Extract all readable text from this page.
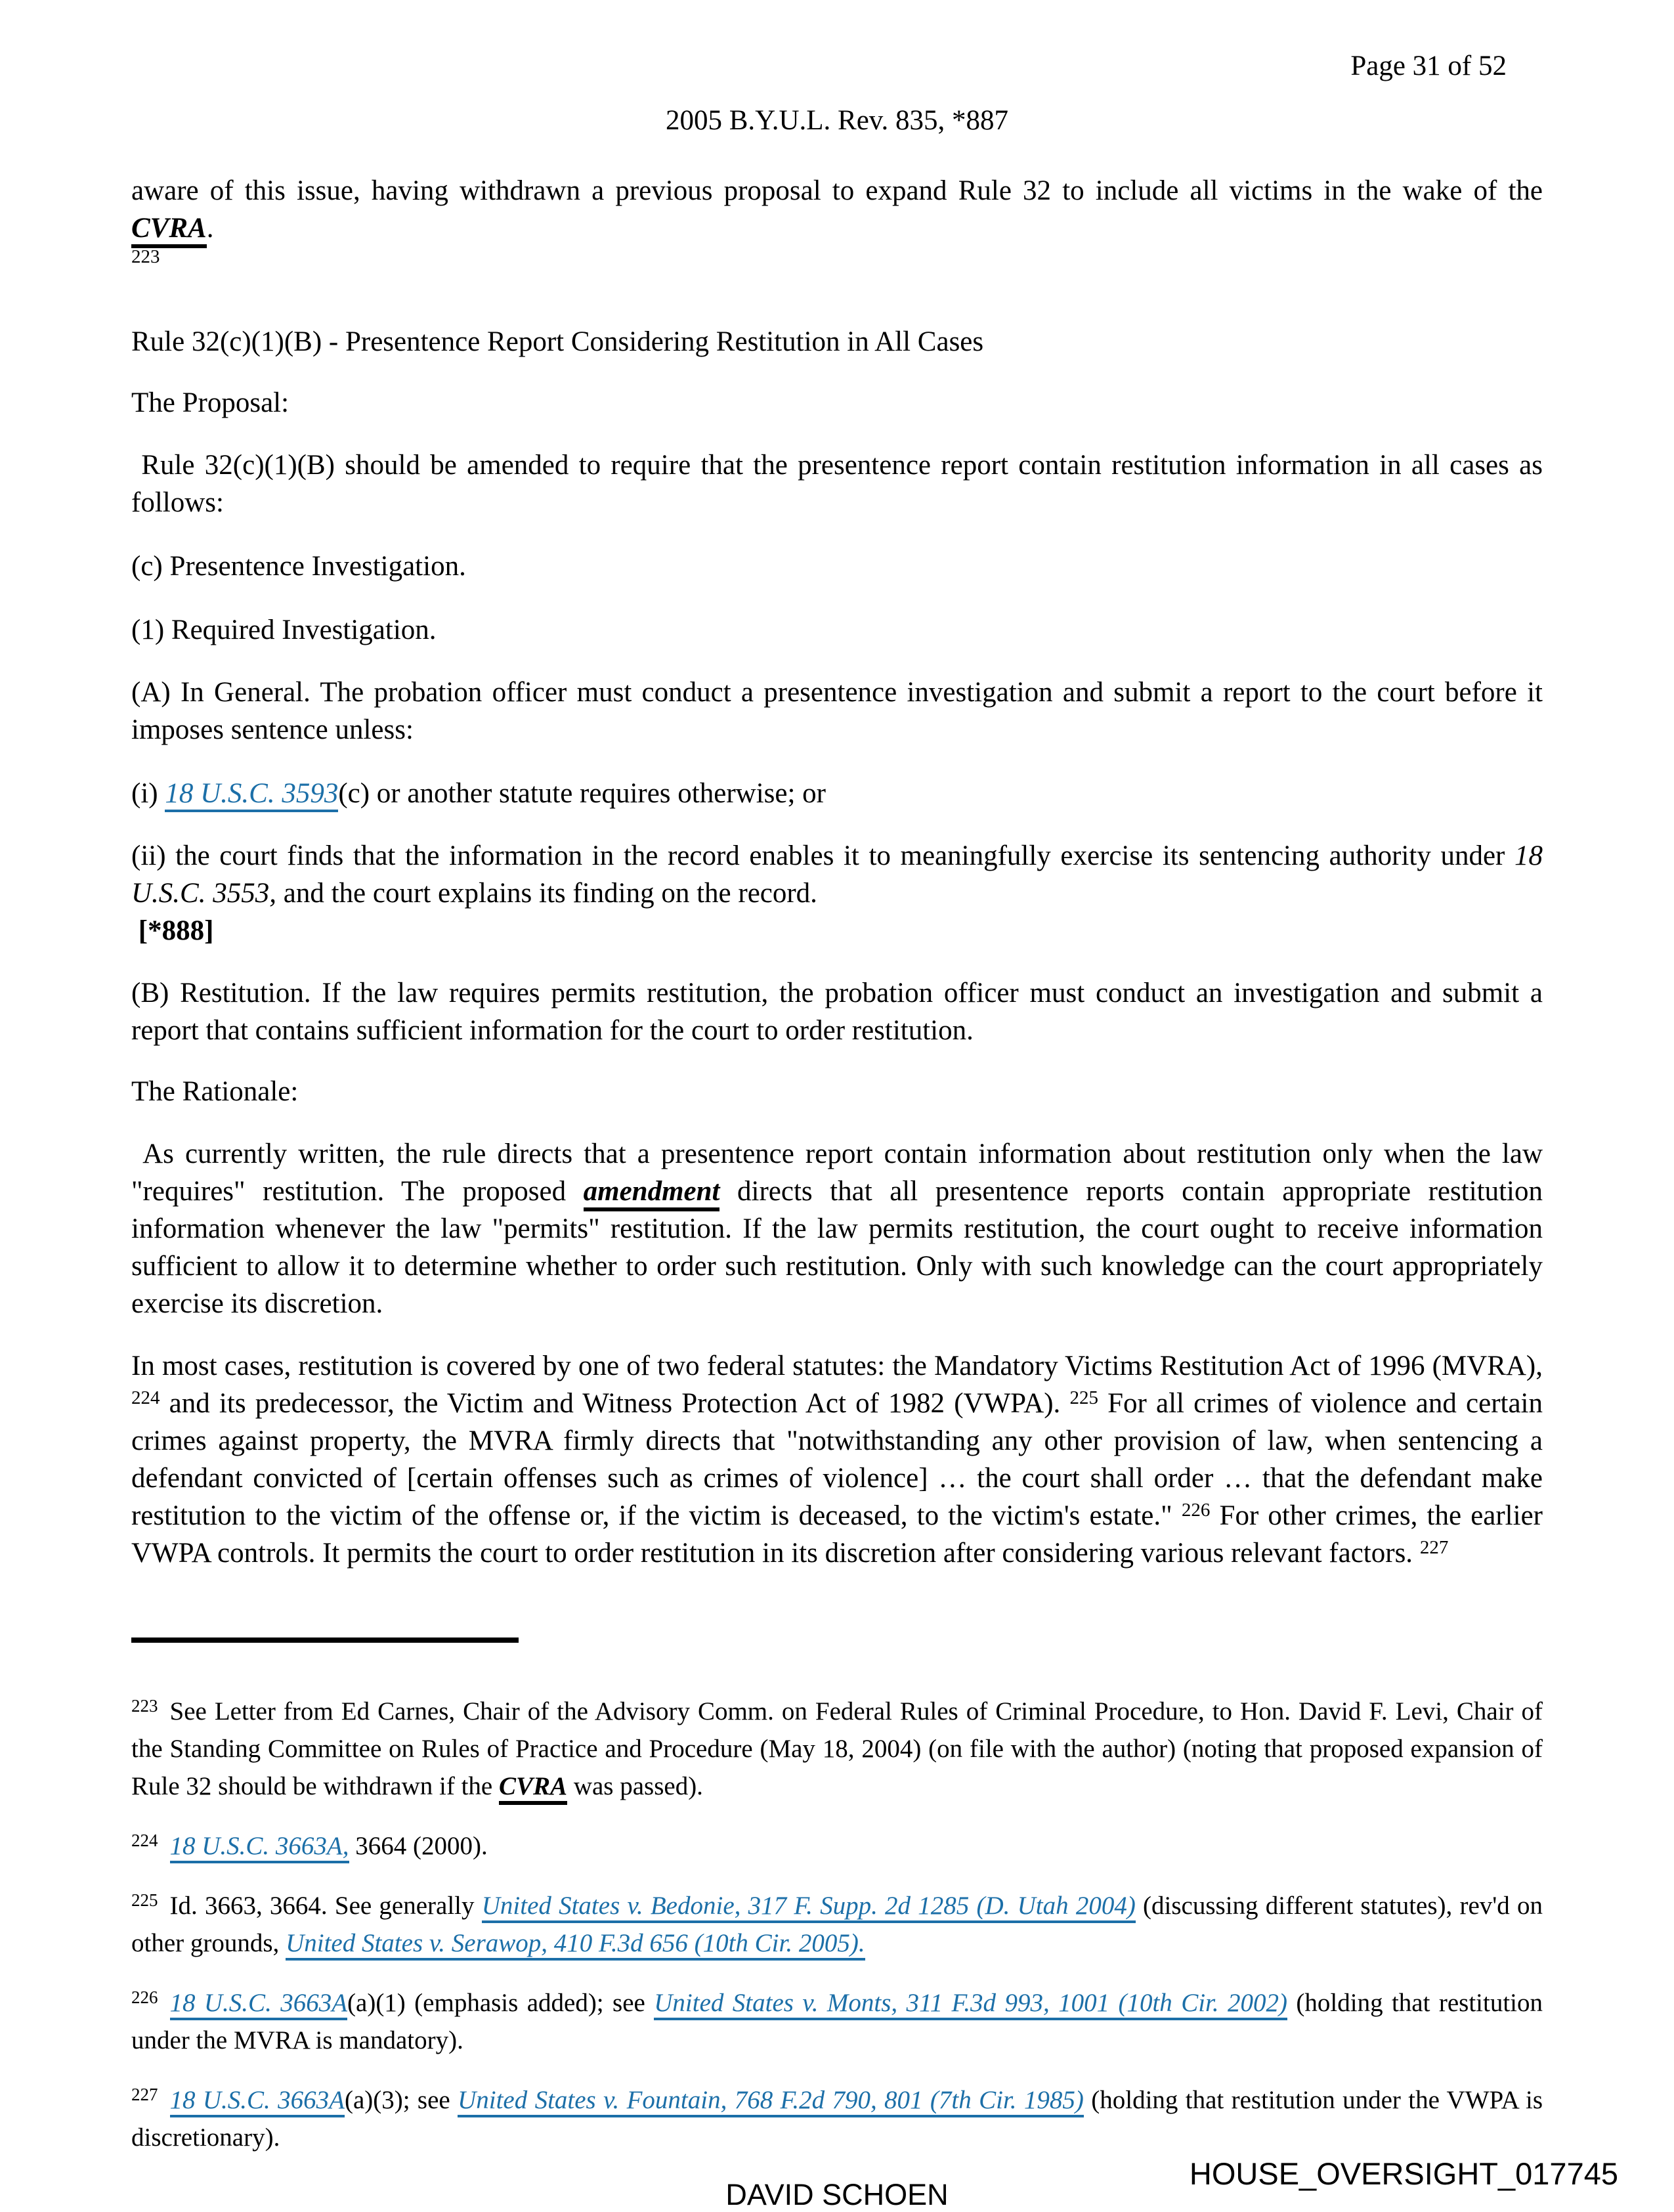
Page 31 of 52
2005 B.Y.U.L. Rev. 835, *887
aware of this issue, having withdrawn a previous proposal to expand Rule 32 to include all victims in the wake of the CVRA.
$^{223}$
Rule 32(c)(1)(B) - Presentence Report Considering Restitution in All Cases
The Proposal:
Rule 32(c)(1)(B) should be amended to require that the presentence report contain restitution information in all cases as follows:
(c) Presentence Investigation.
(1) Required Investigation.
(A) In General. The probation officer must conduct a presentence investigation and submit a report to the court before it imposes sentence unless:
(i) 18 U.S.C. 3593(c) or another statute requires otherwise; or
(ii) the court finds that the information in the record enables it to meaningfully exercise its sentencing authority under 18 U.S.C. 3553, and the court explains its finding on the record.
[*888]
(B) Restitution. If the law requires permits restitution, the probation officer must conduct an investigation and submit a report that contains sufficient information for the court to order restitution.
The Rationale:
As currently written, the rule directs that a presentence report contain information about restitution only when the law "requires" restitution. The proposed amendment directs that all presentence reports contain appropriate restitution information whenever the law "permits" restitution. If the law permits restitution, the court ought to receive information sufficient to allow it to determine whether to order such restitution. Only with such knowledge can the court appropriately exercise its discretion.
In most cases, restitution is covered by one of two federal statutes: the Mandatory Victims Restitution Act of 1996 (MVRA), $^{224}$ and its predecessor, the Victim and Witness Protection Act of 1982 (VWPA). $^{225}$ For all crimes of violence and certain crimes against property, the MVRA firmly directs that "notwithstanding any other provision of law, when sentencing a defendant convicted of [certain offenses such as crimes of violence] … the court shall order … that the defendant make restitution to the victim of the offense or, if the victim is deceased, to the victim's estate." $^{226}$ For other crimes, the earlier VWPA controls. It permits the court to order restitution in its discretion after considering various relevant factors. $^{227}$
$^{223}$ See Letter from Ed Carnes, Chair of the Advisory Comm. on Federal Rules of Criminal Procedure, to Hon. David F. Levi, Chair of the Standing Committee on Rules of Practice and Procedure (May 18, 2004) (on file with the author) (noting that proposed expansion of Rule 32 should be withdrawn if the CVRA was passed).
$^{224}$ 18 U.S.C. 3663A, 3664 (2000).
$^{225}$ Id. 3663, 3664. See generally United States v. Bedonie, 317 F. Supp. 2d 1285 (D. Utah 2004) (discussing different statutes), rev'd on other grounds, United States v. Serawop, 410 F.3d 656 (10th Cir. 2005).
$^{226}$ 18 U.S.C. 3663A(a)(1) (emphasis added); see United States v. Monts, 311 F.3d 993, 1001 (10th Cir. 2002) (holding that restitution under the MVRA is mandatory).
$^{227}$ 18 U.S.C. 3663A(a)(3); see United States v. Fountain, 768 F.2d 790, 801 (7th Cir. 1985) (holding that restitution under the VWPA is discretionary).
DAVID SCHOEN
HOUSE_OVERSIGHT_017745
